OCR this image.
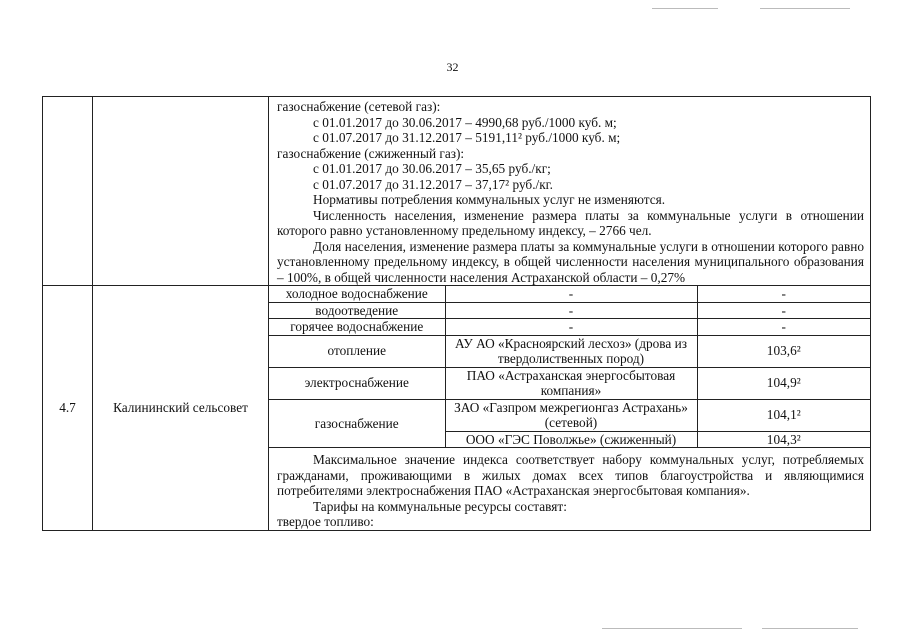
32

газоснабжение (сетевой газ):
с 01.01.2017 до 30.06.2017 – 4990,68 руб./1000 куб. м;
с 01.07.2017 до 31.12.2017 – 5191,11² руб./1000 куб. м;
газоснабжение (сжиженный газ):
с 01.01.2017 до 30.06.2017 – 35,65 руб./кг;
с 01.07.2017 до 31.12.2017 – 37,17² руб./кг.
Нормативы потребления коммунальных услуг не изменяются.
Численность населения, изменение размера платы за коммунальные услуги в отношении которого равно установленному предельному индексу, – 2766 чел.
Доля населения, изменение размера платы за коммунальные услуги в отношении которого равно установленному предельному индексу, в общей численности населения муниципального образования – 100%, в общей численности населения Астраханской области – 0,27%

4.7	Калининский сельсовет	
холодное водоснабжение	-	-
водоотведение	-	-
горячее водоснабжение	-	-
отопление	АУ АО «Красноярский лесхоз» (дрова из твердолиственных пород)	103,6²
электроснабжение	ПАО «Астраханская энергосбытовая компания»	104,9²
газоснабжение	ЗАО «Газпром межрегионгаз Астрахань» (сетевой)	104,1²
ООО «ГЭС Поволжье» (сжиженный)	104,3²

Максимальное значение индекса соответствует набору коммунальных услуг, потребляемых гражданами, проживающими в жилых домах всех типов благоустройства и являющимися потребителями электроснабжения ПАО «Астраханская энергосбытовая компания».

Тарифы на коммунальные ресурсы составят:

твердое топливо:
